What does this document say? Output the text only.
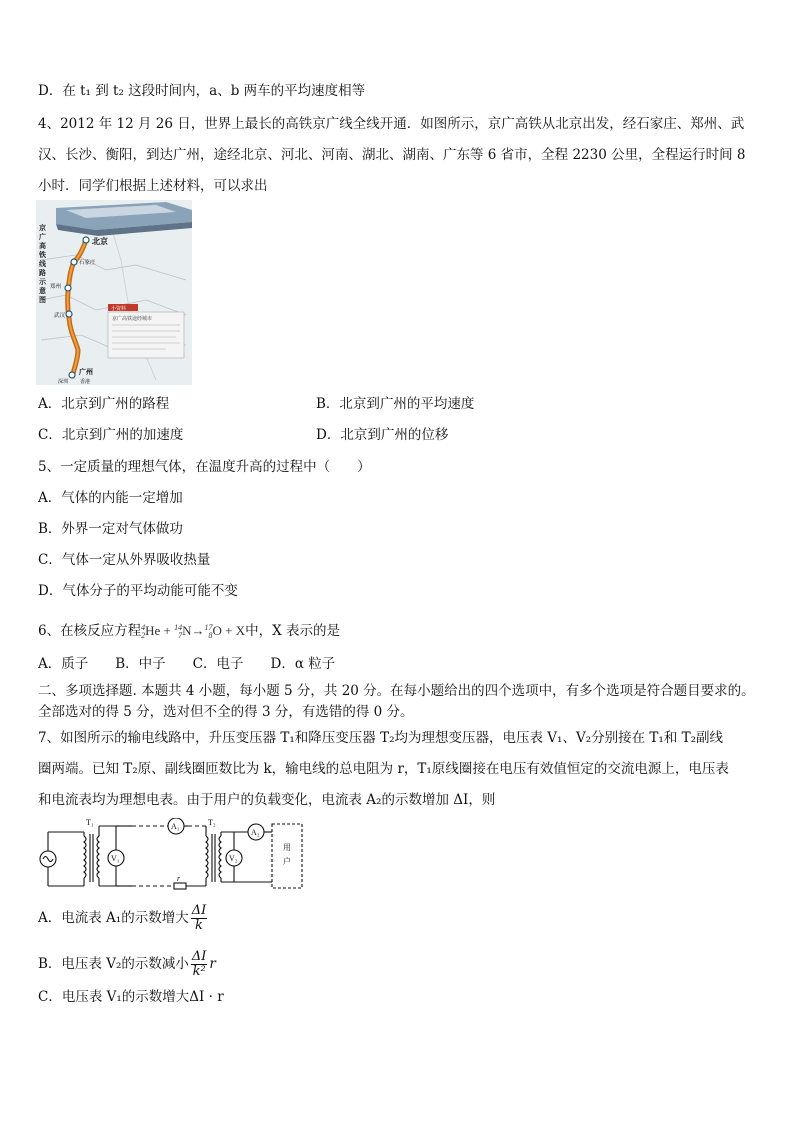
D．在 t₁ 到 t₂ 这段时间内，a、b 两车的平均速度相等
4、2012 年 12 月 26 日，世界上最长的高铁京广线全线开通．如图所示，京广高铁从北京出发，经石家庄、郑州、武
汉、长沙、衡阳，到达广州，途经北京、河北、河南、湖北、湖南、广东等 6 省市，全程 2230 公里，全程运行时间 8
小时．同学们根据上述材料，可以求出
京广高铁线路示意图
北京
石家庄
郑州
武汉
广州
深圳 香港
小资料
京广高铁途经城市
A．北京到广州的路程	B．北京到广州的平均速度
C．北京到广州的加速度	D．北京到广州的位移
5、一定质量的理想气体，在温度升高的过程中（　　）
A．气体的内能一定增加
B．外界一定对气体做功
C．气体一定从外界吸收热量
D．气体分子的平均动能可能不变
6、在核反应方程4
2He + 14
7N→17
8O + X中，X 表示的是
A．质子　　B．中子　　C．电子　　D．α 粒子
二、多项选择题. 本题共 4 小题，每小题 5 分，共 20 分。在每小题给出的四个选项中，有多个选项是符合题目要求的。
全部选对的得 5 分，选对但不全的得 3 分，有选错的得 0 分。
7、如图所示的输电线路中，升压变压器 T₁和降压变压器 T₂均为理想变压器，电压表 V₁、V₂分别接在 T₁和 T₂副线
圈两端。已知 T₂原、副线圈匝数比为 k，输电线的总电阻为 r，T₁原线圈接在电压有效值恒定的交流电源上，电压表
和电流表均为理想电表。由于用户的负载变化，电流表 A₂的示数增加 ΔI，则
T₁	T₂
A₁
A₂
V₁	V₂
r
用
户
A．电流表 A₁的示数增大 $\frac{\Delta I}{k}$
B．电压表 V₂的示数减小 $\frac{\Delta I}{\text{k²}}$ r
C．电压表 V₁的示数增大ΔI · r
